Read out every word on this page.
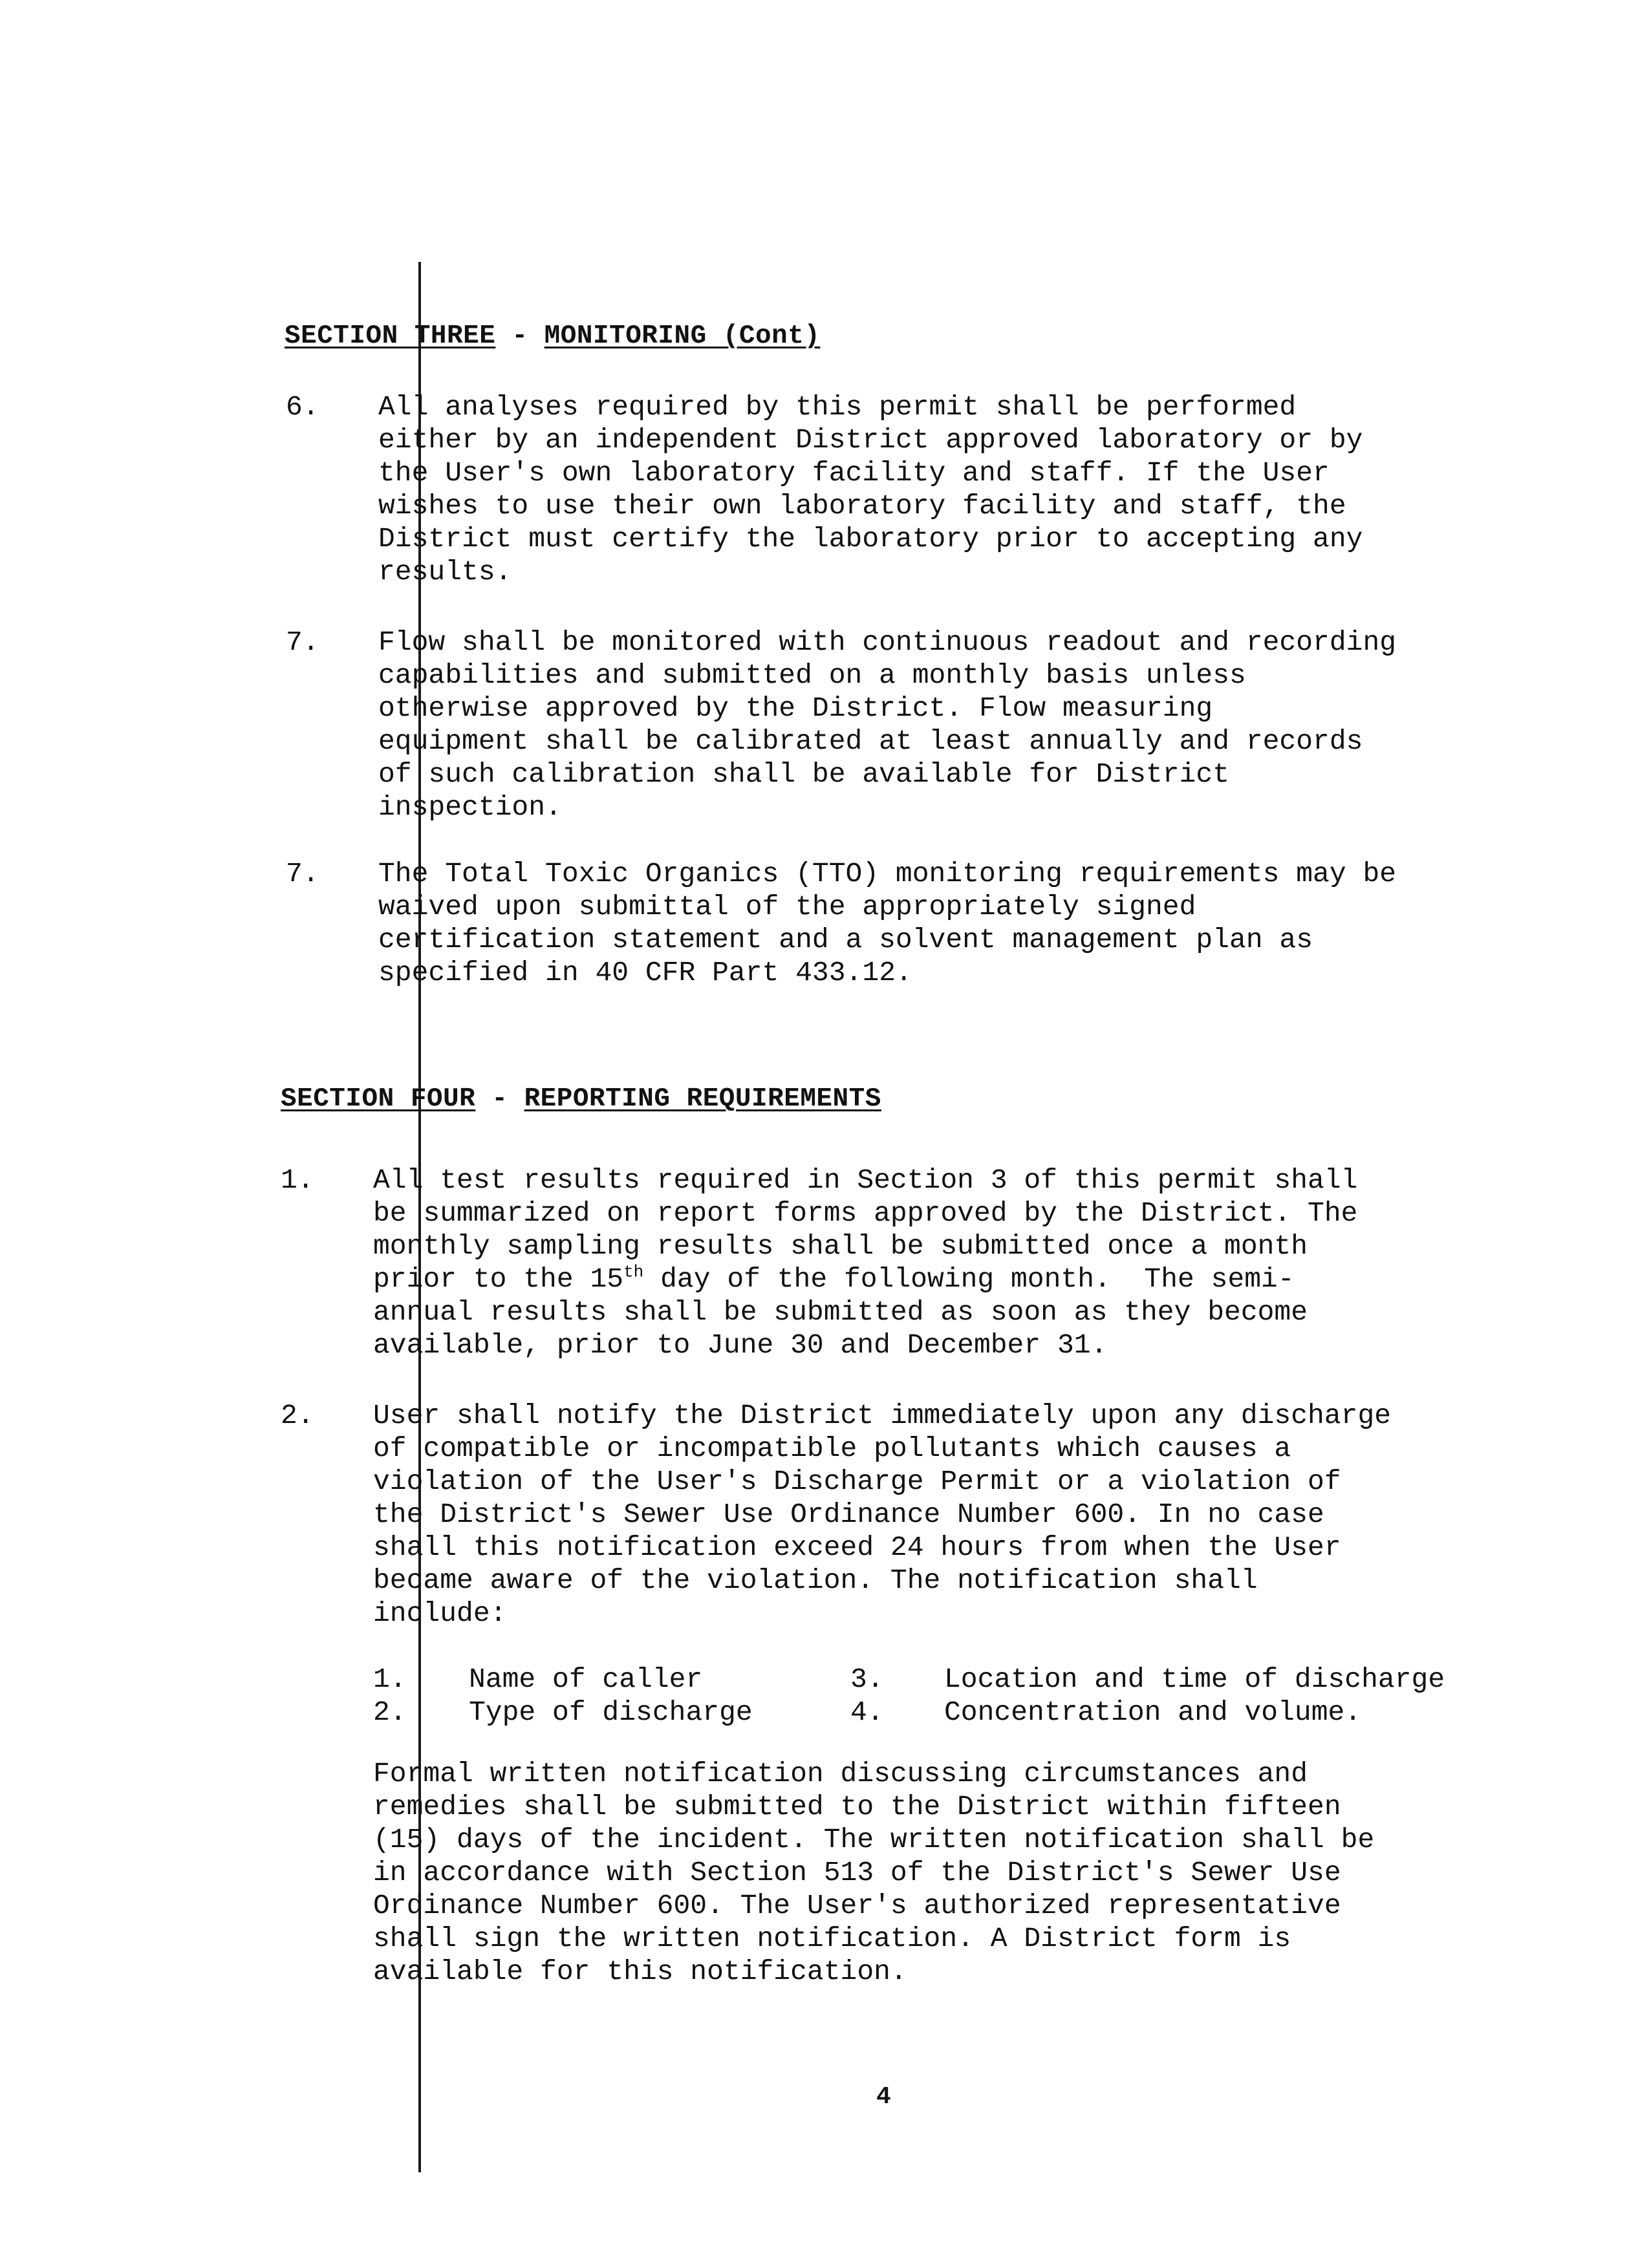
SECTION THREE - MONITORING (Cont)
6. All analyses required by this permit shall be performed
either by an independent District approved laboratory or by
the User's own laboratory facility and staff. If the User
wishes to use their own laboratory facility and staff, the
District must certify the laboratory prior to accepting any
results.
7. Flow shall be monitored with continuous readout and recording
capabilities and submitted on a monthly basis unless
otherwise approved by the District. Flow measuring
equipment shall be calibrated at least annually and records
of such calibration shall be available for District
inspection.
7. The Total Toxic Organics (TTO) monitoring requirements may be
waived upon submittal of the appropriately signed
certification statement and a solvent management plan as
specified in 40 CFR Part 433.12.
SECTION FOUR - REPORTING REQUIREMENTS
1. All test results required in Section 3 of this permit shall
be summarized on report forms approved by the District. The
monthly sampling results shall be submitted once a month
prior to the 15th day of the following month.  The semi-
annual results shall be submitted as soon as they become
available, prior to June 30 and December 31.
2. User shall notify the District immediately upon any discharge
of compatible or incompatible pollutants which causes a
violation of the User's Discharge Permit or a violation of
the District's Sewer Use Ordinance Number 600. In no case
shall this notification exceed 24 hours from when the User
became aware of the violation. The notification shall
include:
1. Name of caller
2. Type of discharge
3. Location and time of discharge
4. Concentration and volume.
Formal written notification discussing circumstances and
remedies shall be submitted to the District within fifteen
(15) days of the incident. The written notification shall be
in accordance with Section 513 of the District's Sewer Use
Ordinance Number 600. The User's authorized representative
shall sign the written notification. A District form is
available for this notification.
4
